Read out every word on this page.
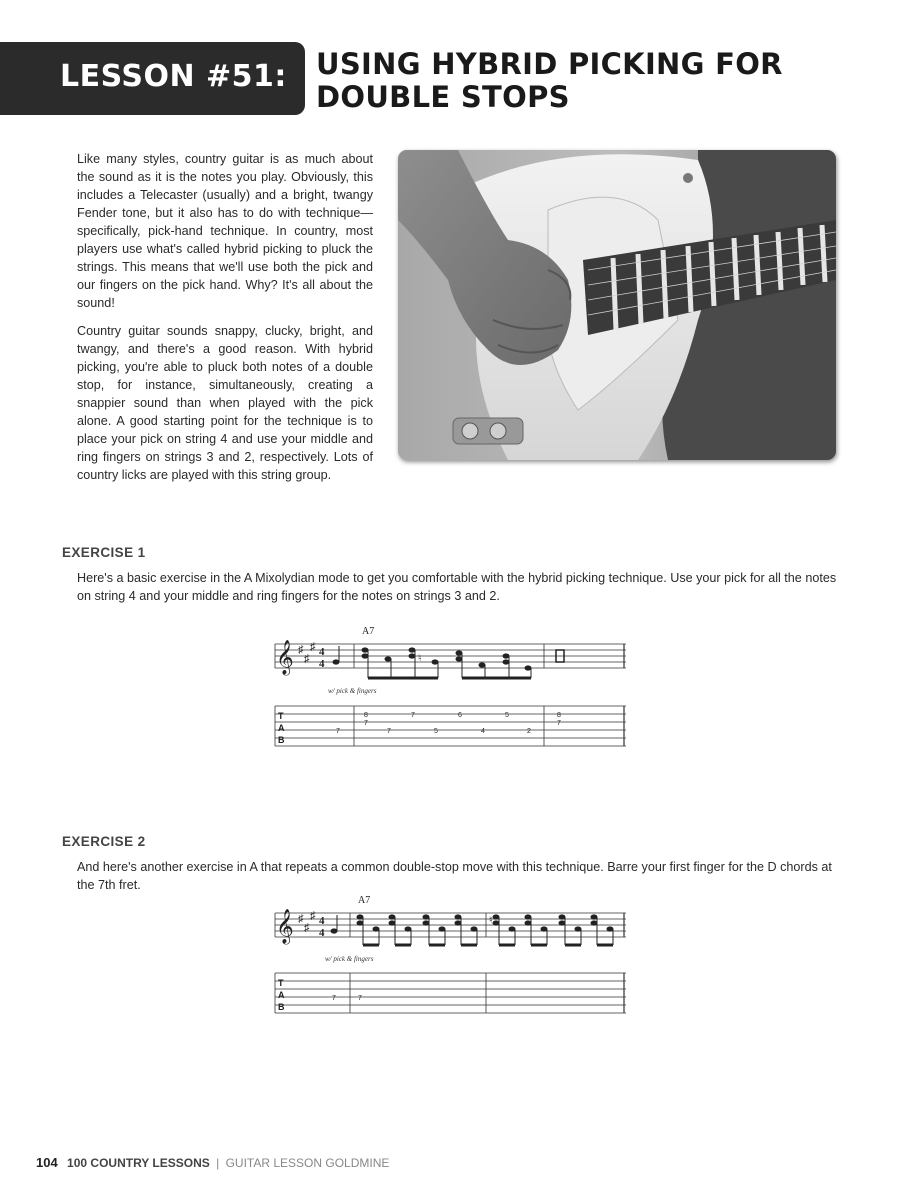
LESSON #51: USING HYBRID PICKING FOR
DOUBLE STOPS

Like many styles, country guitar is as much about the sound as it is the notes you play. Obviously, this includes a Telecaster (usually) and a bright, twangy Fender tone, but it also has to do with technique—specifically, pick-hand technique. In country, most players use what's called hybrid picking to pluck the strings. This means that we'll use both the pick and our fingers on the pick hand. Why? It's all about the sound!

Country guitar sounds snappy, clucky, bright, and twangy, and there's a good reason. With hybrid picking, you're able to pluck both notes of a double stop, for instance, simultaneously, creating a snappier sound than when played with the pick alone. A good starting point for the technique is to place your pick on string 4 and use your middle and ring fingers on strings 3 and 2, respectively. Lots of country licks are played with this string group.

EXERCISE 1
Here's a basic exercise in the A Mixolydian mode to get you comfortable with the hybrid picking technique. Use your pick for all the notes on string 4 and your middle and ring fingers for the notes on strings 3 and 2.
𝄞 ♯
♯
♯ 4
4
A7
♮
w/ pick & fingers
T
A
B
7
8
7
7
7
5
6
4
5
2
8
7
EXERCISE 2
And here's another exercise in A that repeats a common double-stop move with this technique. Barre your first finger for the D chords at the 7th fret.
𝄞 ♯
♯
♯ 4
4
A7
♮
w/ pick & fingers
T
A
B
7	7
104 100 COUNTRY LESSONS | GUITAR LESSON GOLDMINE
